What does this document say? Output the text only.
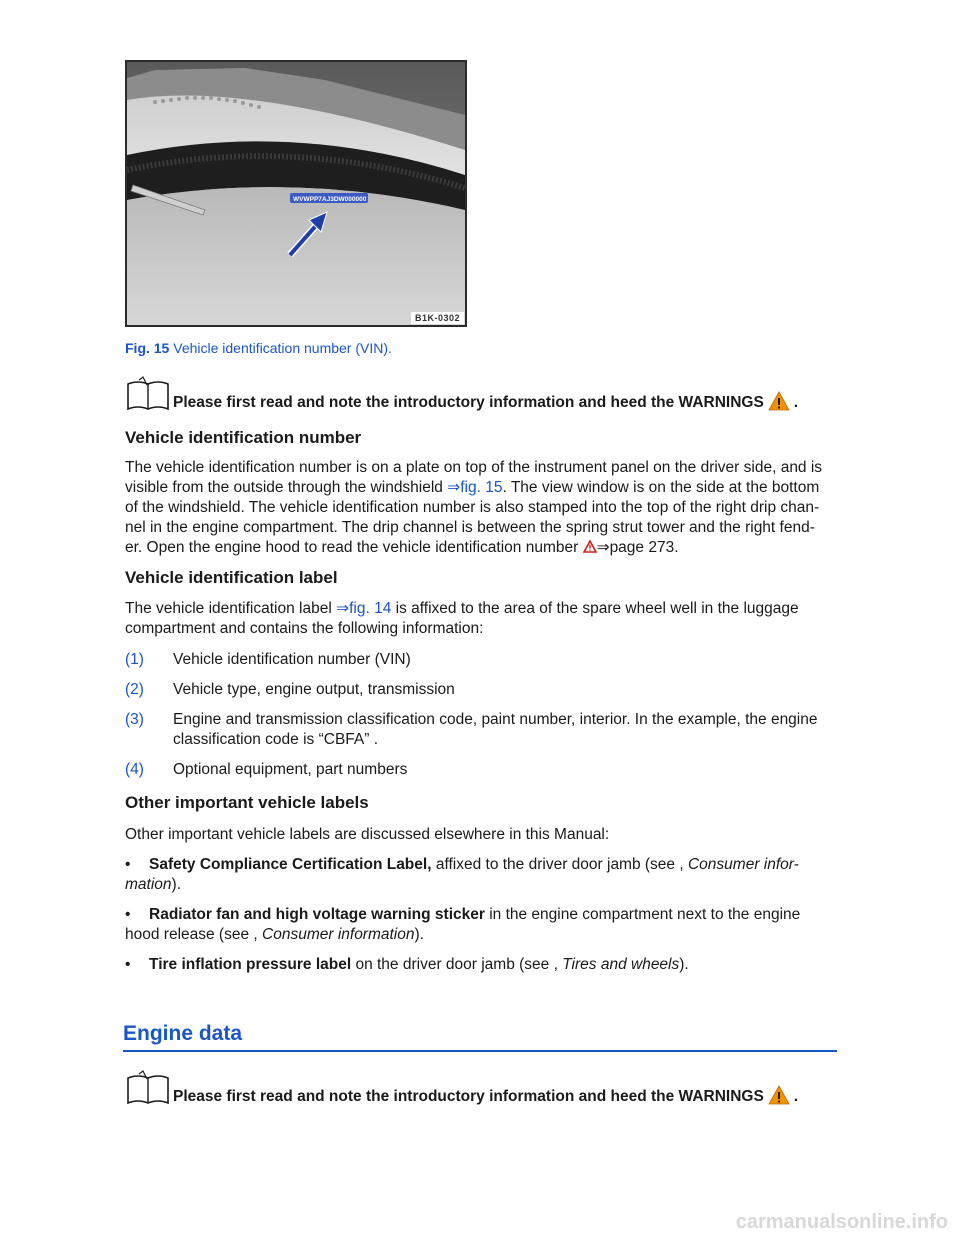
WVWPP7AJ3DW000000
B1K-0302
Fig. 15 Vehicle identification number (VIN).
Please first read and note the introductory information and heed the WARNINGS .
Vehicle identification number
The vehicle identification number is on a plate on top of the instrument panel on the driver side, and is
visible from the outside through the windshield ⇒fig. 15. The view window is on the side at the bottom
of the windshield. The vehicle identification number is also stamped into the top of the right drip chan-
nel in the engine compartment. The drip channel is between the spring strut tower and the right fend-
er. Open the engine hood to read the vehicle identification number ⇒page 273.
Vehicle identification label
The vehicle identification label ⇒fig. 14 is affixed to the area of the spare wheel well in the luggage
compartment and contains the following information:
(1)	Vehicle identification number (VIN)
(2)	Vehicle type, engine output, transmission
(3)	Engine and transmission classification code, paint number, interior. In the example, the engine
classification code is “CBFA” .
(4)	Optional equipment, part numbers
Other important vehicle labels
Other important vehicle labels are discussed elsewhere in this Manual:
• Safety Compliance Certification Label, affixed to the driver door jamb (see , Consumer infor-
mation).
• Radiator fan and high voltage warning sticker in the engine compartment next to the engine
hood release (see , Consumer information).
• Tire inflation pressure label on the driver door jamb (see , Tires and wheels).
Engine data
Please first read and note the introductory information and heed the WARNINGS .
carmanualsonline.info
